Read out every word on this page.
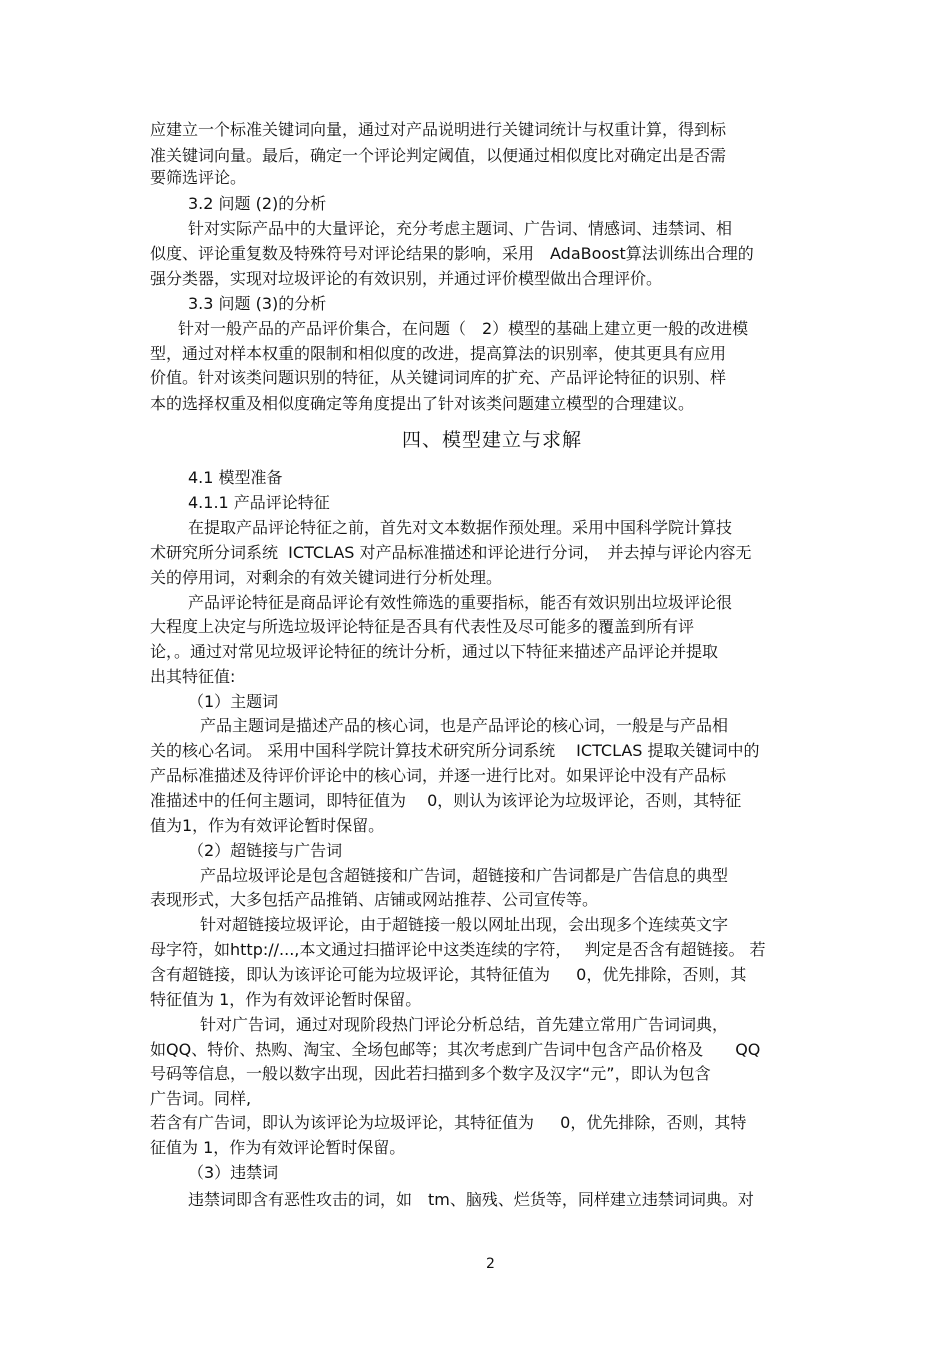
应建立一个标准关键词向量，通过对产品说明进行关键词统计与权重计算，得到标
准关键词向量。最后，确定一个评论判定阈值，以便通过相似度比对确定出是否需
要筛选评论。
3.2 问题 (2)的分析
针对实际产品中的大量评论，充分考虑主题词、广告词、情感词、违禁词、相
似度、评论重复数及特殊符号对评论结果的影响，采用　AdaBoost算法训练出合理的
强分类器，实现对垃圾评论的有效识别，并通过评价模型做出合理评价。
3.3 问题 (3)的分析
针对一般产品的产品评价集合，在问题（　2）模型的基础上建立更一般的改进模
型，通过对样本权重的限制和相似度的改进，提高算法的识别率，使其更具有应用
价值。针对该类问题识别的特征，从关键词词库的扩充、产品评论特征的识别、样
本的选择权重及相似度确定等角度提出了针对该类问题建立模型的合理建议。
四、模型建立与求解
4.1 模型准备
4.1.1 产品评论特征
在提取产品评论特征之前，首先对文本数据作预处理。采用中国科学院计算技
术研究所分词系统  ICTCLAS 对产品标准描述和评论进行分词，　并去掉与评论内容无
关的停用词，对剩余的有效关键词进行分析处理。
产品评论特征是商品评论有效性筛选的重要指标，能否有效识别出垃圾评论很
大程度上决定与所选垃圾评论特征是否具有代表性及尽可能多的覆盖到所有评
论，。通过对常见垃圾评论特征的统计分析，通过以下特征来描述产品评论并提取
出其特征值:
（1）主题词
产品主题词是描述产品的核心词，也是产品评论的核心词，一般是与产品相
关的核心名词。 采用中国科学院计算技术研究所分词系统　 ICTCLAS 提取关键词中的
产品标准描述及待评价评论中的核心词，并逐一进行比对。如果评论中没有产品标
准描述中的任何主题词，即特征值为　 0，则认为该评论为垃圾评论，否则，其特征
值为1，作为有效评论暂时保留。
（2）超链接与广告词
产品垃圾评论是包含超链接和广告词，超链接和广告词都是广告信息的典型
表现形式，大多包括产品推销、店铺或网站推荐、公司宣传等。
针对超链接垃圾评论，由于超链接一般以网址出现，会出现多个连续英文字
母字符，如http://...,本文通过扫描评论中这类连续的字符，　 判定是否含有超链接。 若
含有超链接，即认为该评论可能为垃圾评论，其特征值为　  0，优先排除，否则，其
特征值为 1，作为有效评论暂时保留。
针对广告词，通过对现阶段热门评论分析总结，首先建立常用广告词词典，
如QQ、特价、热购、淘宝、全场包邮等；其次考虑到广告词中包含产品价格及　　QQ
号码等信息，一般以数字出现，因此若扫描到多个数字及汉字“元”，即认为包含
广告词。同样,
若含有广告词，即认为该评论为垃圾评论，其特征值为　  0，优先排除，否则，其特
征值为 1，作为有效评论暂时保留。
（3）违禁词
违禁词即含有恶性攻击的词，如　tm、脑残、烂货等，同样建立违禁词词典。对
2
